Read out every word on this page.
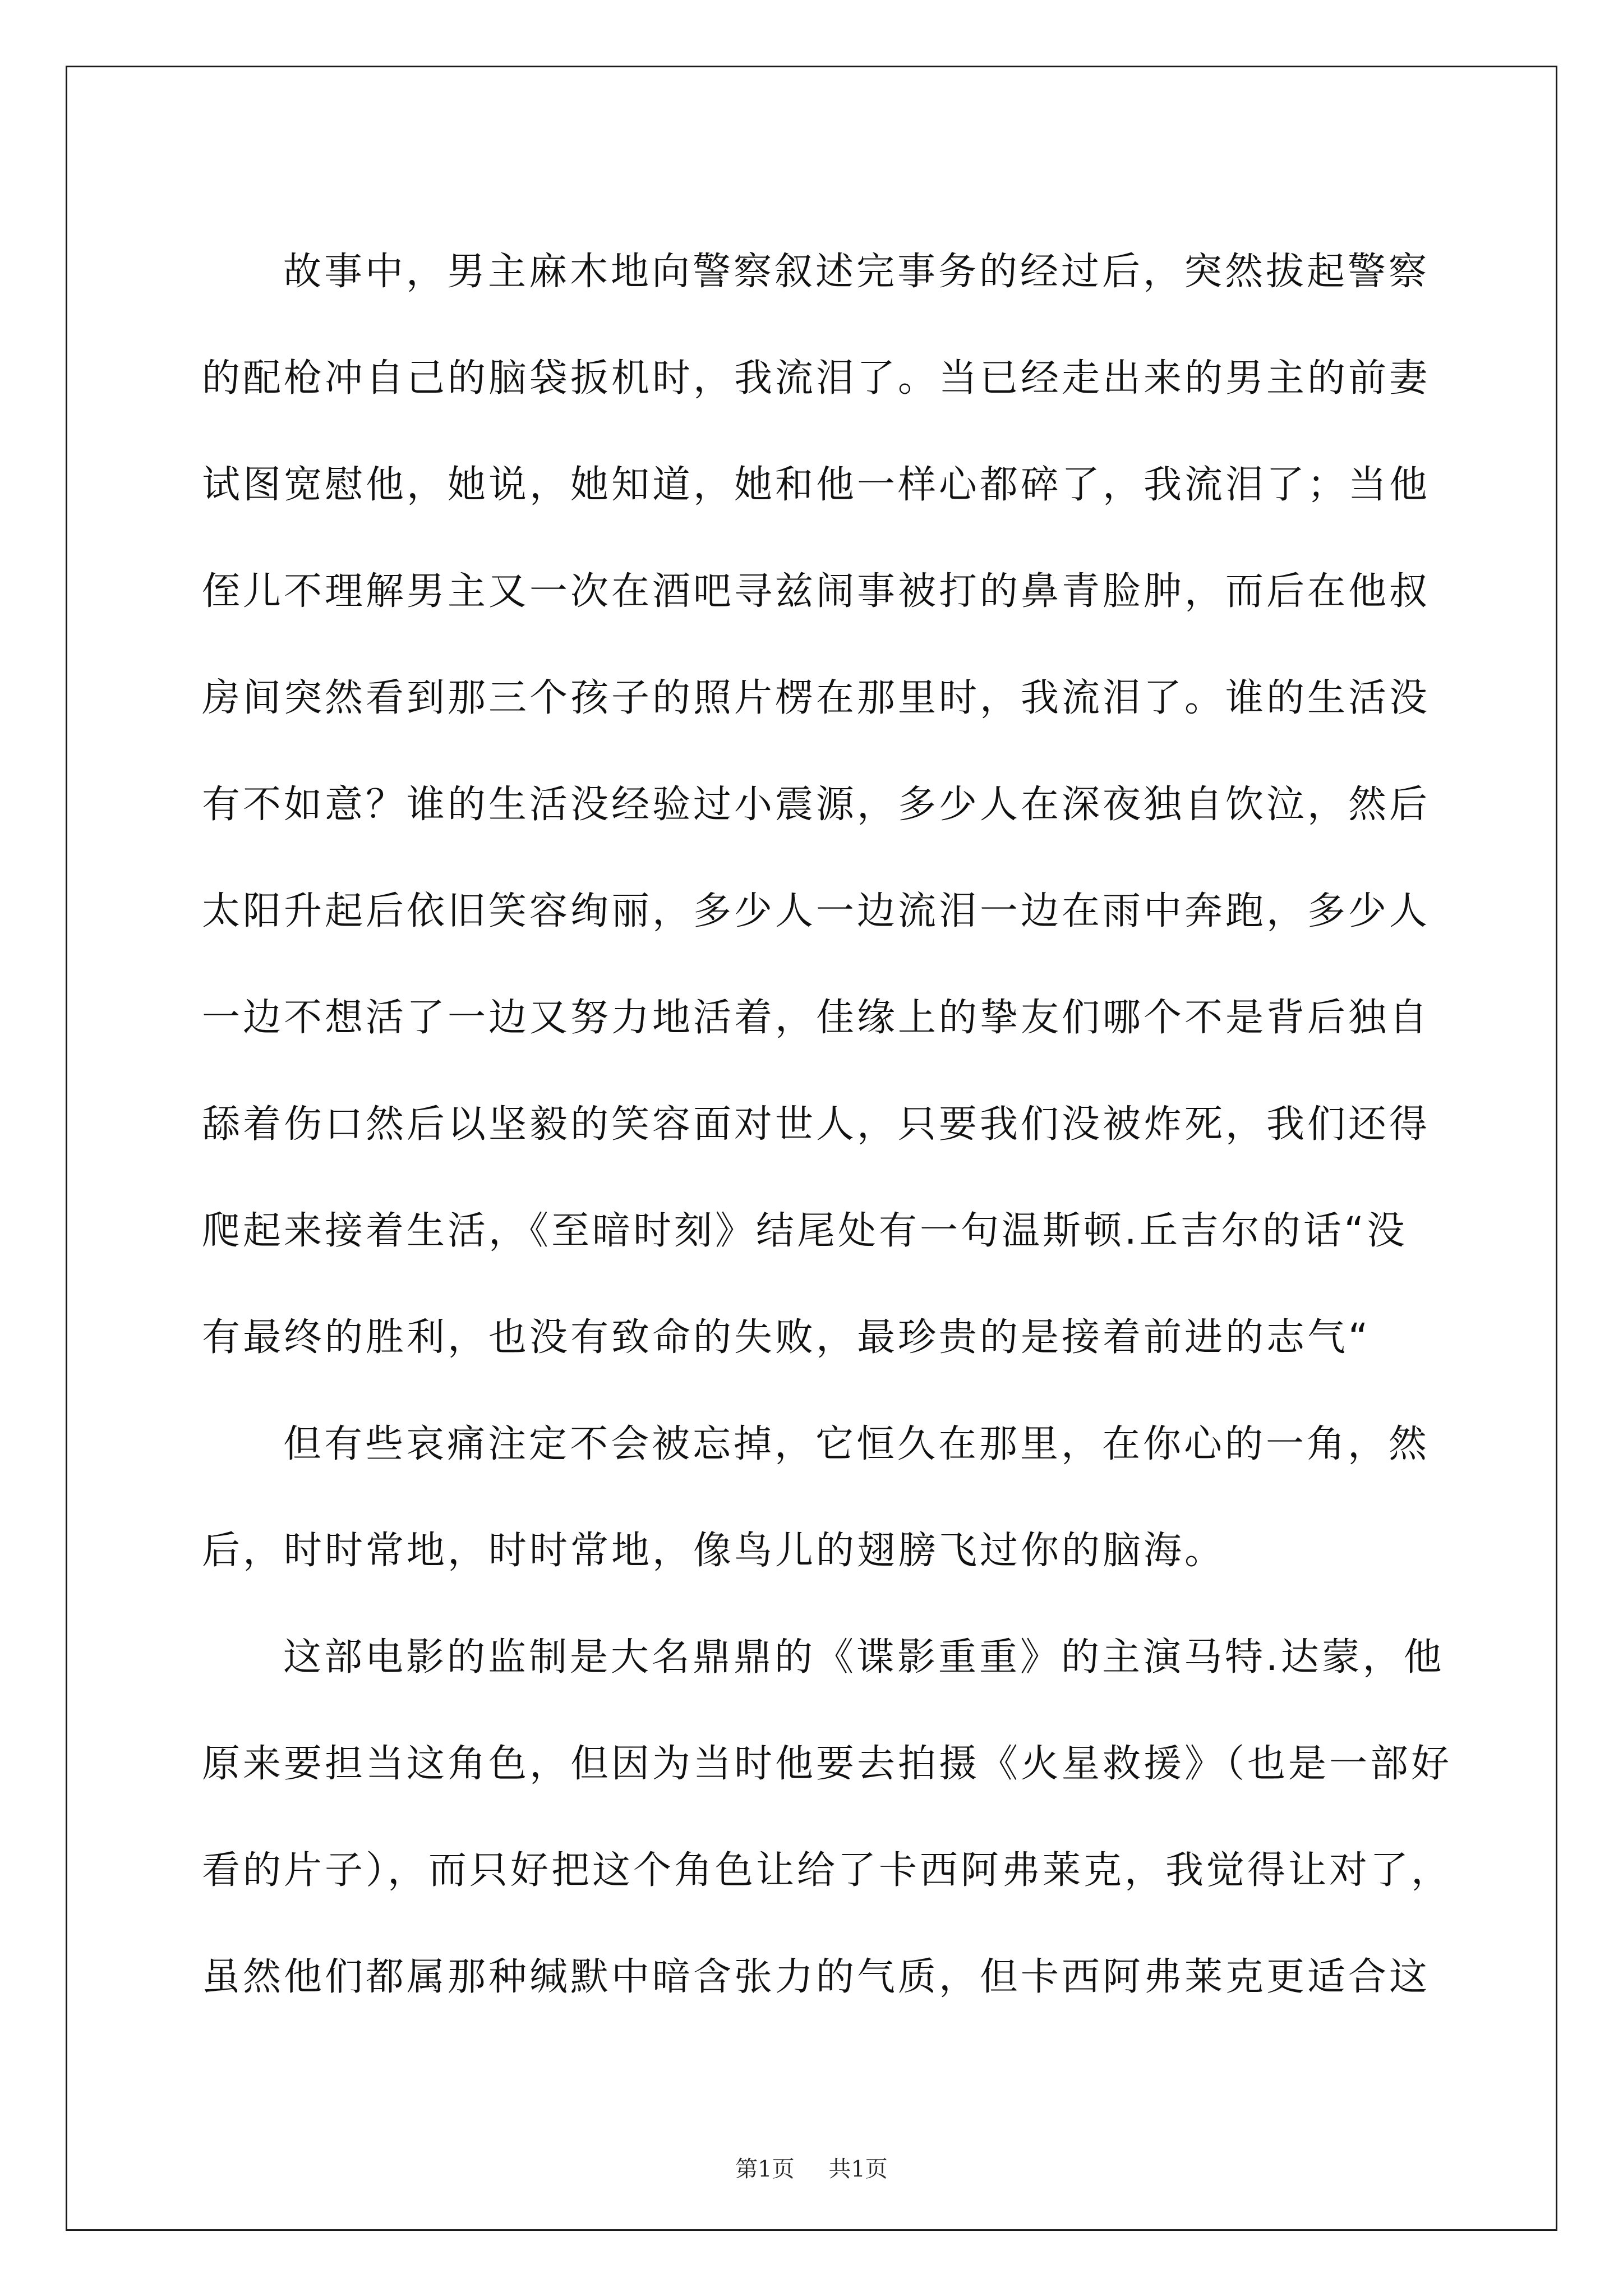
故事中，男主麻木地向警察叙述完事务的经过后，突然拔起警察
的配枪冲自己的脑袋扳机时，我流泪了。当已经走出来的男主的前妻
试图宽慰他，她说，她知道，她和他一样心都碎了，我流泪了；当他
侄儿不理解男主又一次在酒吧寻兹闹事被打的鼻青脸肿，而后在他叔
房间突然看到那三个孩子的照片楞在那里时，我流泪了。谁的生活没
有不如意？谁的生活没经验过小震源，多少人在深夜独自饮泣，然后
太阳升起后依旧笑容绚丽，多少人一边流泪一边在雨中奔跑，多少人
一边不想活了一边又努力地活着，佳缘上的挚友们哪个不是背后独自
舔着伤口然后以坚毅的笑容面对世人，只要我们没被炸死，我们还得
爬起来接着生活，《至暗时刻》结尾处有一句温斯顿.丘吉尔的话“没
有最终的胜利，也没有致命的失败，最珍贵的是接着前进的志气“
但有些哀痛注定不会被忘掉，它恒久在那里，在你心的一角，然
后，时时常地，时时常地，像鸟儿的翅膀飞过你的脑海。
这部电影的监制是大名鼎鼎的《谍影重重》的主演马特.达蒙，他
原来要担当这角色，但因为当时他要去拍摄《火星救援》（也是一部好
看的片子），而只好把这个角色让给了卡西阿弗莱克，我觉得让对了，
虽然他们都属那种缄默中暗含张力的气质，但卡西阿弗莱克更适合这
第1页 共1页
